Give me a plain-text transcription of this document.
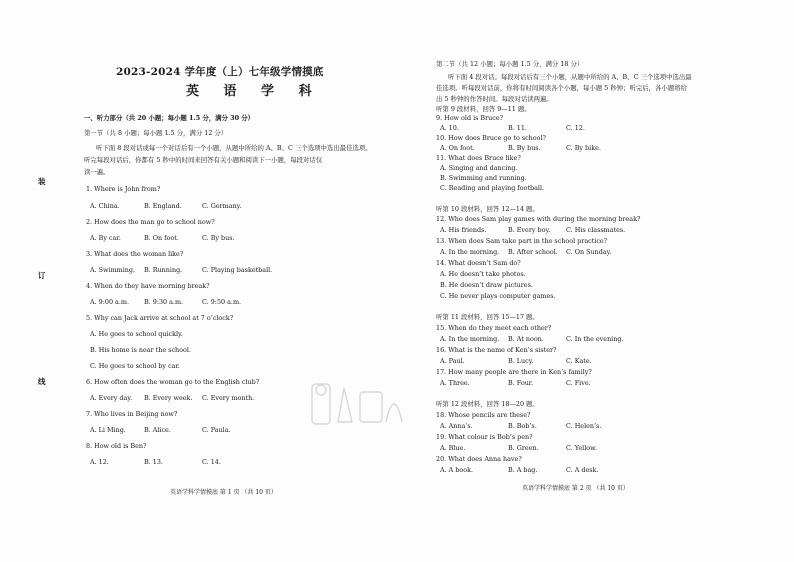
装
订
线
2023-2024 学年度（上）七年级学情摸底
英 语 学 科
一、听力部分（共 20 小题；每小题 1.5 分，满分 30 分）
第一节（共 8 小题；每小题 1.5 分，满分 12 分）
听下面 8 段对话或每一个对话后有一个小题，从题中所给的 A、B、C 三个选项中选出最佳选项。
听完每段对话后，你都有 5 秒中的时间来回答有关小题和阅读下一小题，每段对话仅
读一遍。
1. Where is John from?
A. China.	B. England.	C. Germany.
2. How does the man go to school now?
A. By car.	B. On foot.	C. By bus.
3. What does the woman like?
A. Swimming. B. Running.	C. Playing basketball.
4. When do they have morning break?
A. 9:00 a.m. B. 9:30 a.m.	C. 9:50 a.m.
5. Why can Jack arrive at school at 7 o’clock?
A. He goes to school quickly.
B. His home is near the school.
C. He goes to school by car.
6. How often does the woman go to the English club?
A. Every day. B. Every week. C. Every month.
7. Who lives in Beijing now?
A. Li Ming.	B. Alice.	C. Paula.
8. How old is Ben?
A. 12.	B. 13.	C. 14.
英语学科学情摸底 第 1 页 （共 10 页）
第二节（共 12 小题；每小题 1.5 分，满分 18 分）
听下面 4 段对话。每段对话后有三个小题，从题中所给的 A、B、C 三个选项中选出最
佳选项。听每段对话前，你将有时间阅读各个小题，每小题 5 秒钟；听完后，各小题将给
出 5 秒钟的作答时间。每段对话读两遍。
听第 9 段材料，回答 9—11 题。
9. How old is Bruce?
A. 10.	B. 11.	C. 12.
10. How does Bruce go to school?
A. On foot.	B. By bus.	C. By bike.
11. What does Bruce like?
A. Singing and dancing.
B. Swimming and running.
C. Reading and playing football.
听第 10 段材料，回答 12—14 题。
12. Who does Sam play games with during the morning break?
A. His friends.	B. Every boy. C. His classmates.
13. When does Sam take part in the school practice?
A. In the morning. B. After school. C. On Sunday.
14. What doesn’t Sam do?
A. He doesn’t take photos.
B. He doesn’t draw pictures.
C. He never plays computer games.
听第 11 段材料，回答 15—17 题。
15. When do they meet each other?
A. In the morning. B. At noon.	C. In the evening.
16. What is the name of Ken’s sister?
A. Paul.	B. Lucy.	C. Kate.
17. How many people are there in Ken’s family?
A. Three.	B. Four.	C. Five.
听第 12 段材料，回答 18—20 题。
18. Whose pencils are these?
A. Anna’s.	B. Bob’s.	C. Helen’s.
19. What colour is Bob’s pen?
A. Blue.	B. Green.	C. Yellow.
20. What does Anna have?
A. A book.	B. A bag.	C. A desk.
英语学科学情摸底 第 2 页 （共 10 页）
